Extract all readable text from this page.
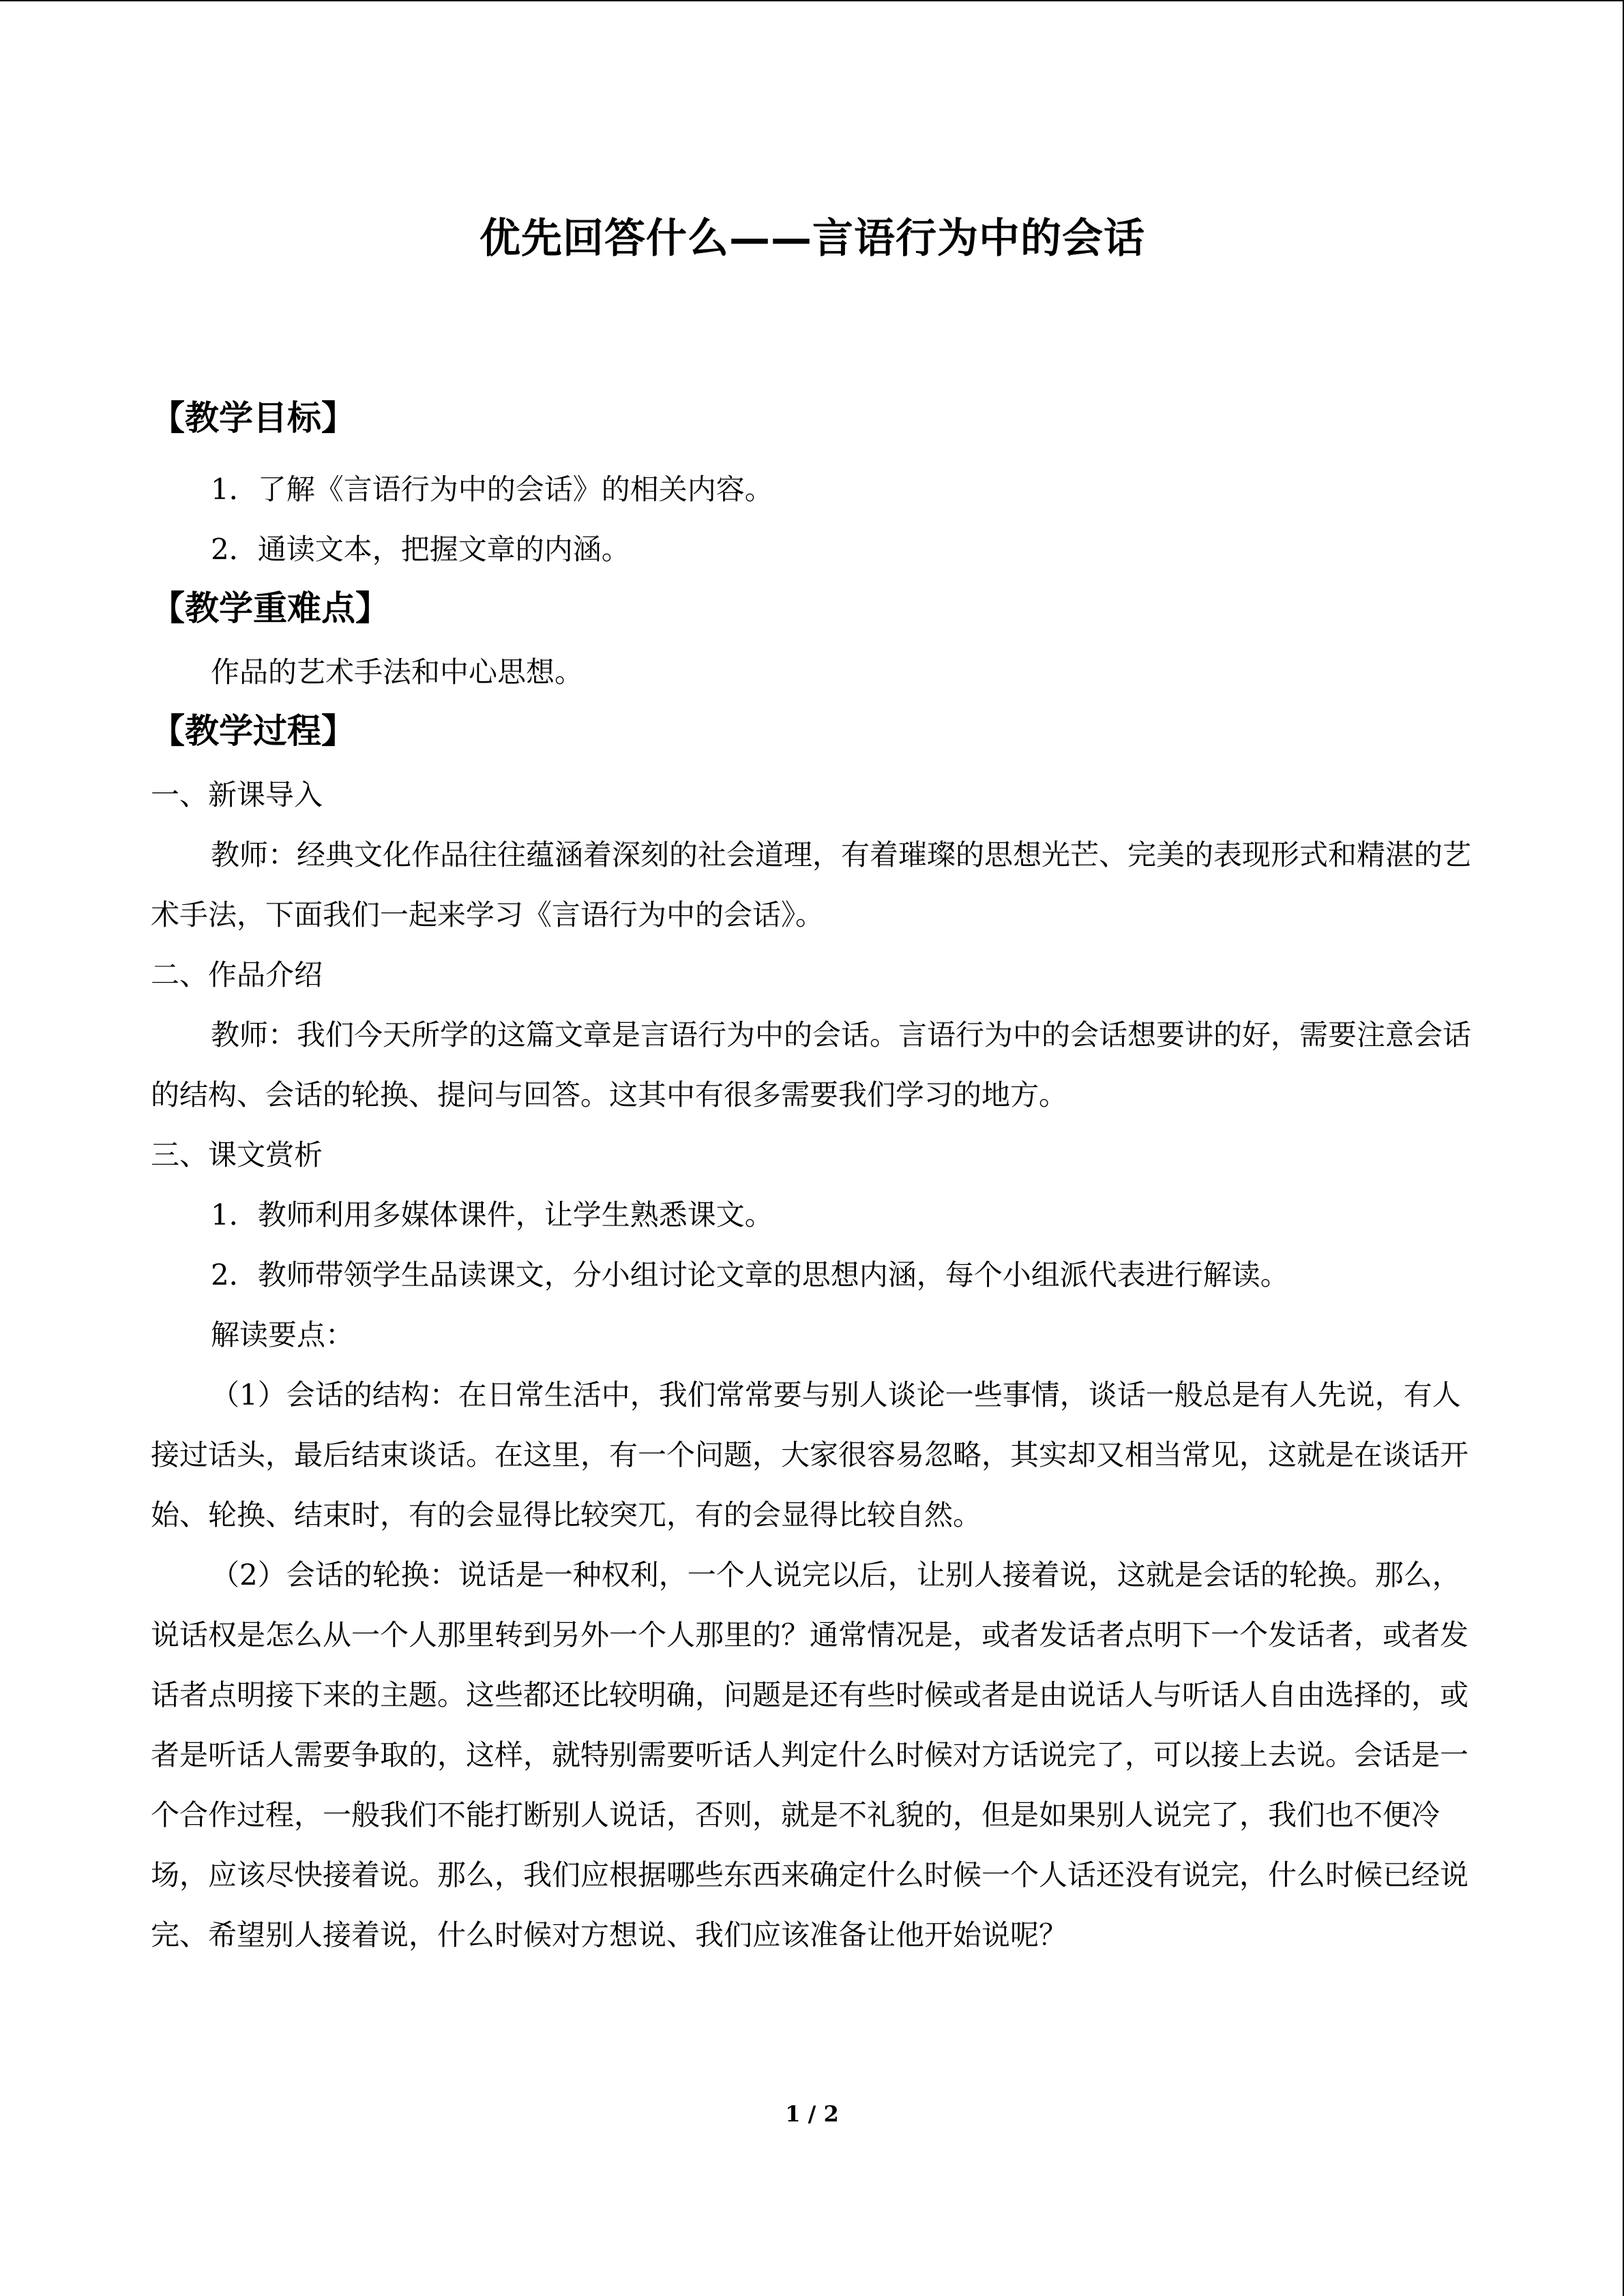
优先回答什么——言语行为中的会话
【教学目标】

1．了解《言语行为中的会话》的相关内容。

2．通读文本，把握文章的内涵。

【教学重难点】

作品的艺术手法和中心思想。

【教学过程】

一、新课导入

教师：经典文化作品往往蕴涵着深刻的社会道理，有着璀璨的思想光芒、完美的表现形式和精湛的艺术手法，下面我们一起来学习《言语行为中的会话》。

二、作品介绍

教师：我们今天所学的这篇文章是言语行为中的会话。言语行为中的会话想要讲的好，需要注意会话的结构、会话的轮换、提问与回答。这其中有很多需要我们学习的地方。

三、课文赏析

1．教师利用多媒体课件，让学生熟悉课文。

2．教师带领学生品读课文，分小组讨论文章的思想内涵，每个小组派代表进行解读。

解读要点：

（1）会话的结构：在日常生活中，我们常常要与别人谈论一些事情，谈话一般总是有人先说，有人接过话头，最后结束谈话。在这里，有一个问题，大家很容易忽略，其实却又相当常见，这就是在谈话开始、轮换、结束时，有的会显得比较突兀，有的会显得比较自然。

（2）会话的轮换：说话是一种权利，一个人说完以后，让别人接着说，这就是会话的轮换。那么，说话权是怎么从一个人那里转到另外一个人那里的？通常情况是，或者发话者点明下一个发话者，或者发话者点明接下来的主题。这些都还比较明确，问题是还有些时候或者是由说话人与听话人自由选择的，或者是听话人需要争取的，这样，就特别需要听话人判定什么时候对方话说完了，可以接上去说。会话是一个合作过程，一般我们不能打断别人说话，否则，就是不礼貌的，但是如果别人说完了，我们也不便冷场，应该尽快接着说。那么，我们应根据哪些东西来确定什么时候一个人话还没有说完，什么时候已经说完、希望别人接着说，什么时候对方想说、我们应该准备让他开始说呢？

1 / 2
